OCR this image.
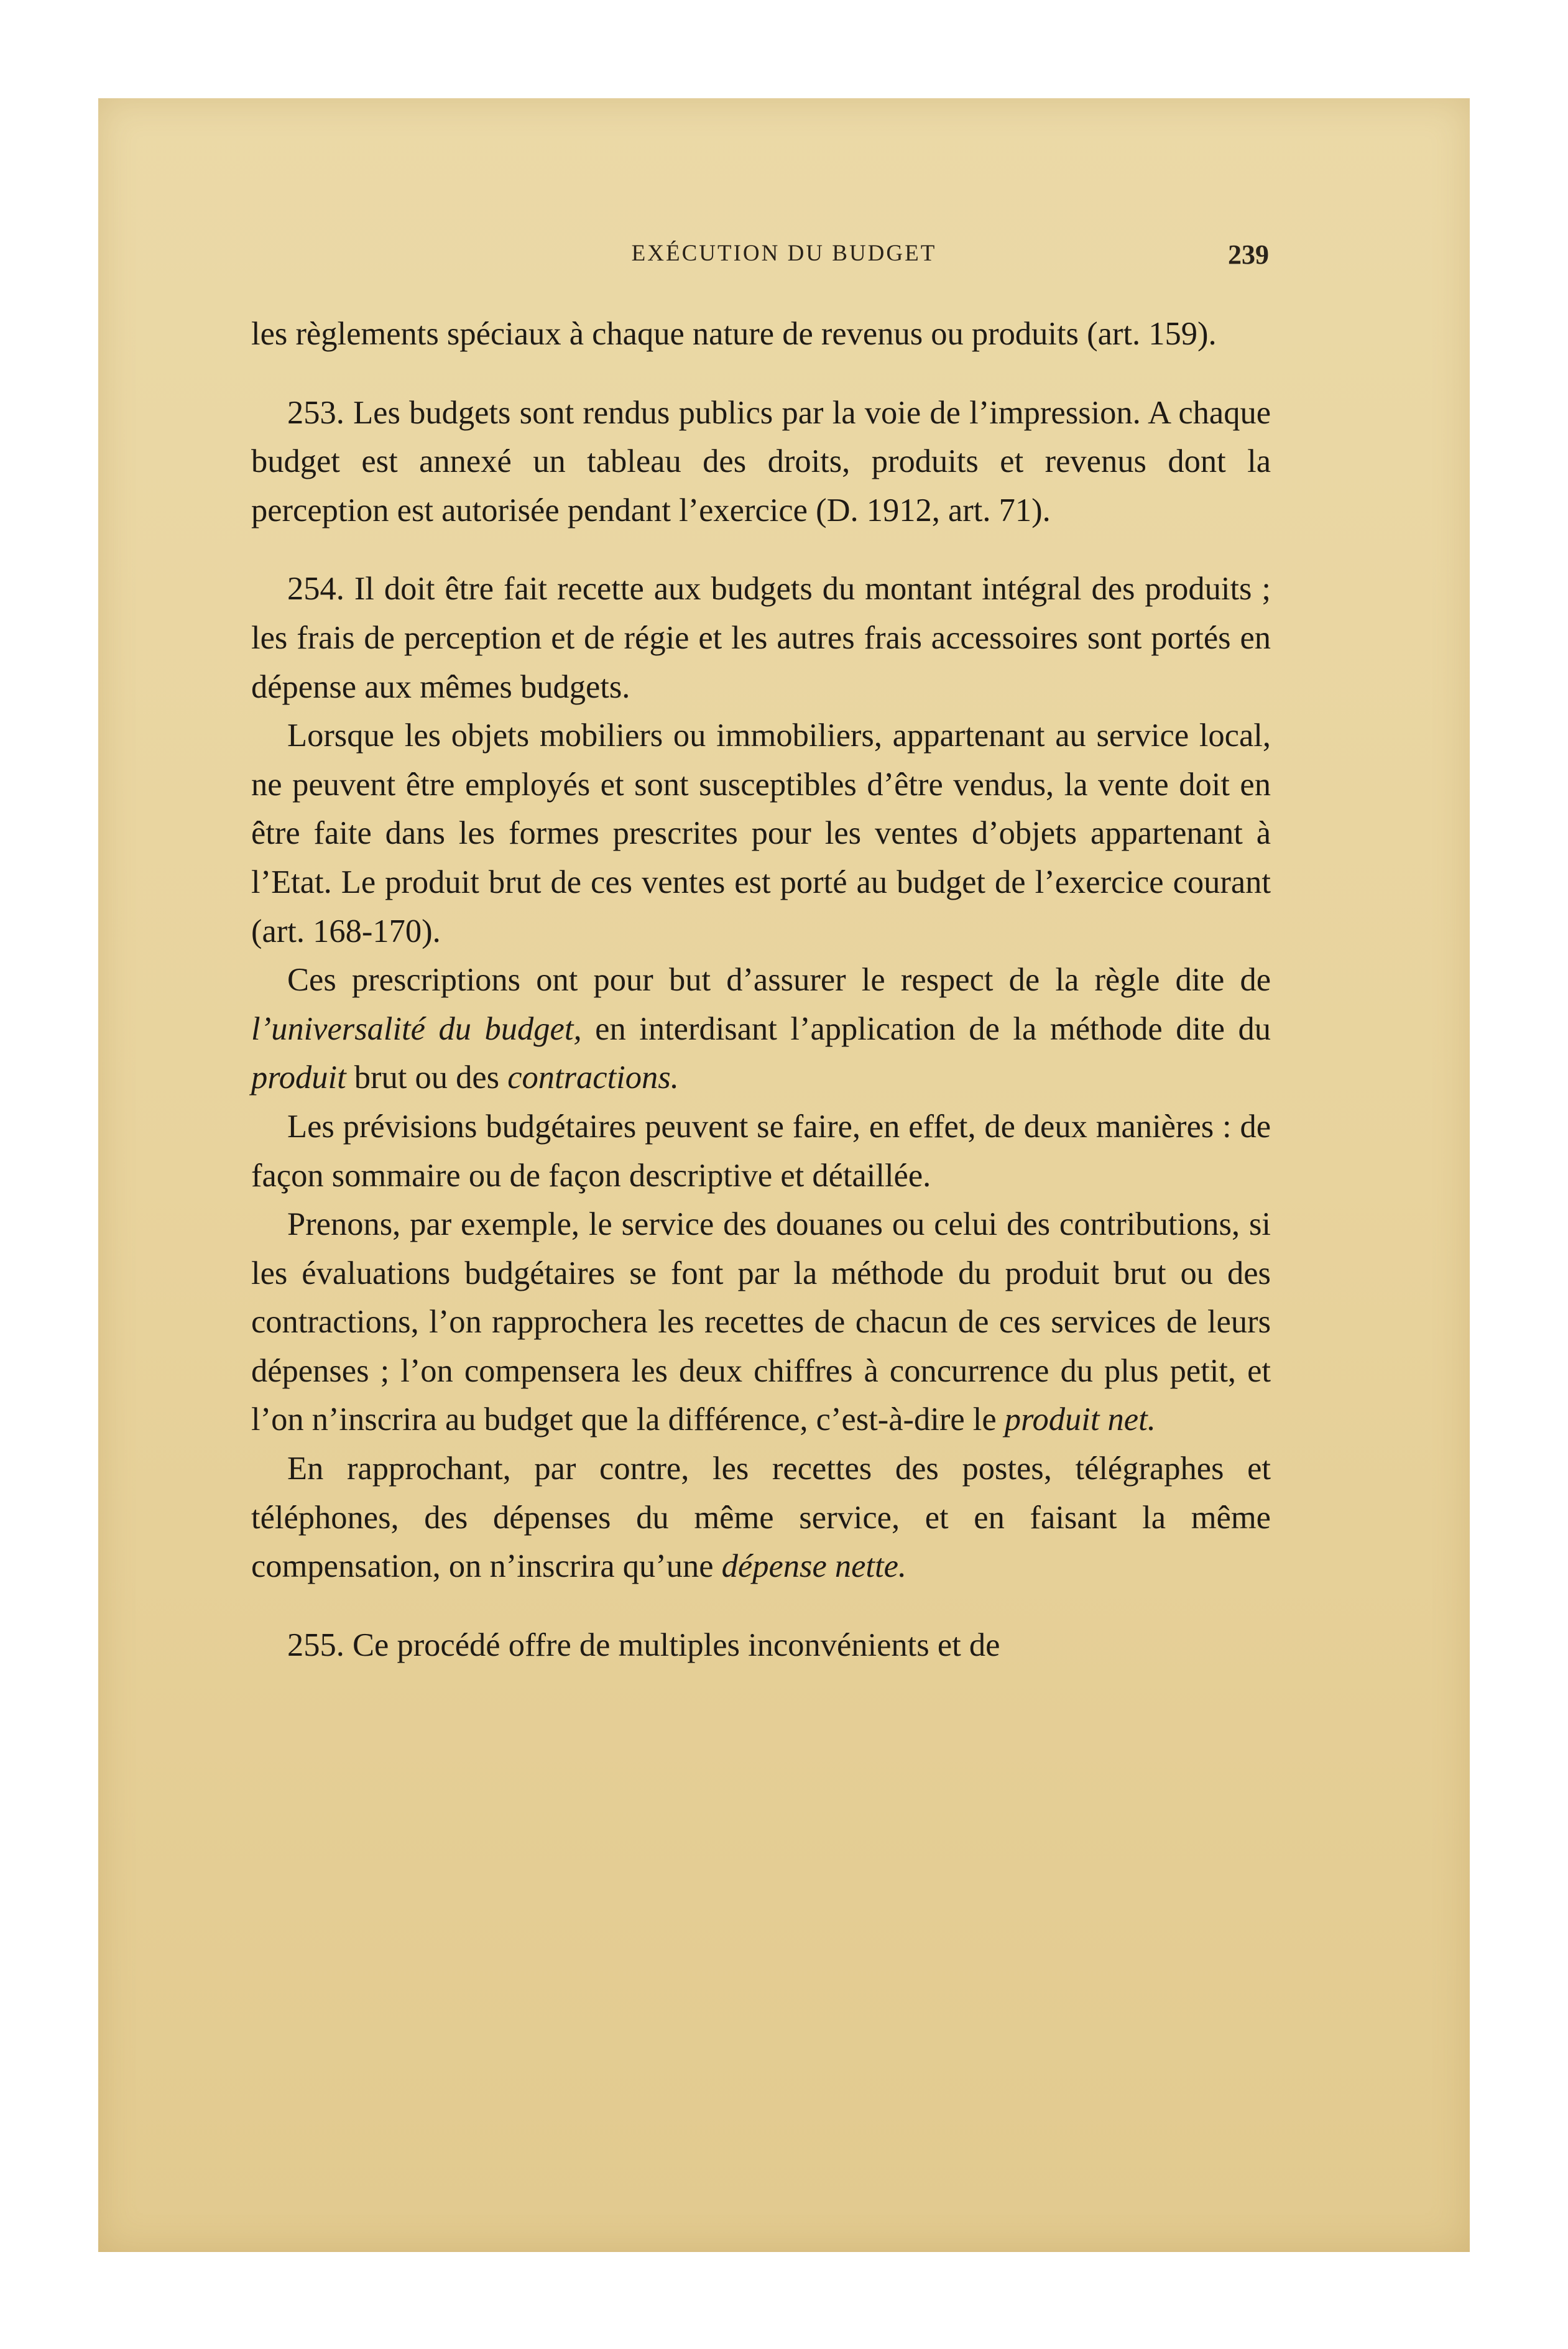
EXÉCUTION DU BUDGET	239

les règlements spéciaux à chaque nature de revenus ou produits (art. 159).

253. Les budgets sont rendus publics par la voie de l’impression. A chaque budget est annexé un tableau des droits, produits et revenus dont la perception est autorisée pendant l’exercice (D. 1912, art. 71).

254. Il doit être fait recette aux budgets du montant intégral des produits ; les frais de perception et de régie et les autres frais accessoires sont portés en dépense aux mêmes budgets.

Lorsque les objets mobiliers ou immobiliers, appartenant au service local, ne peuvent être employés et sont susceptibles d’être vendus, la vente doit en être faite dans les formes prescrites pour les ventes d’objets appartenant à l’Etat. Le produit brut de ces ventes est porté au budget de l’exercice courant (art. 168-170).

Ces prescriptions ont pour but d’assurer le respect de la règle dite de l’universalité du budget, en interdisant l’application de la méthode dite du produit brut ou des contractions.

Les prévisions budgétaires peuvent se faire, en effet, de deux manières : de façon sommaire ou de façon descriptive et détaillée.

Prenons, par exemple, le service des douanes ou celui des contributions, si les évaluations budgétaires se font par la méthode du produit brut ou des contractions, l’on rapprochera les recettes de chacun de ces services de leurs dépenses ; l’on compensera les deux chiffres à concurrence du plus petit, et l’on n’inscrira au budget que la différence, c’est-à-dire le produit net.

En rapprochant, par contre, les recettes des postes, télégraphes et téléphones, des dépenses du même service, et en faisant la même compensation, on n’inscrira qu’une dépense nette.

255. Ce procédé offre de multiples inconvénients et de
